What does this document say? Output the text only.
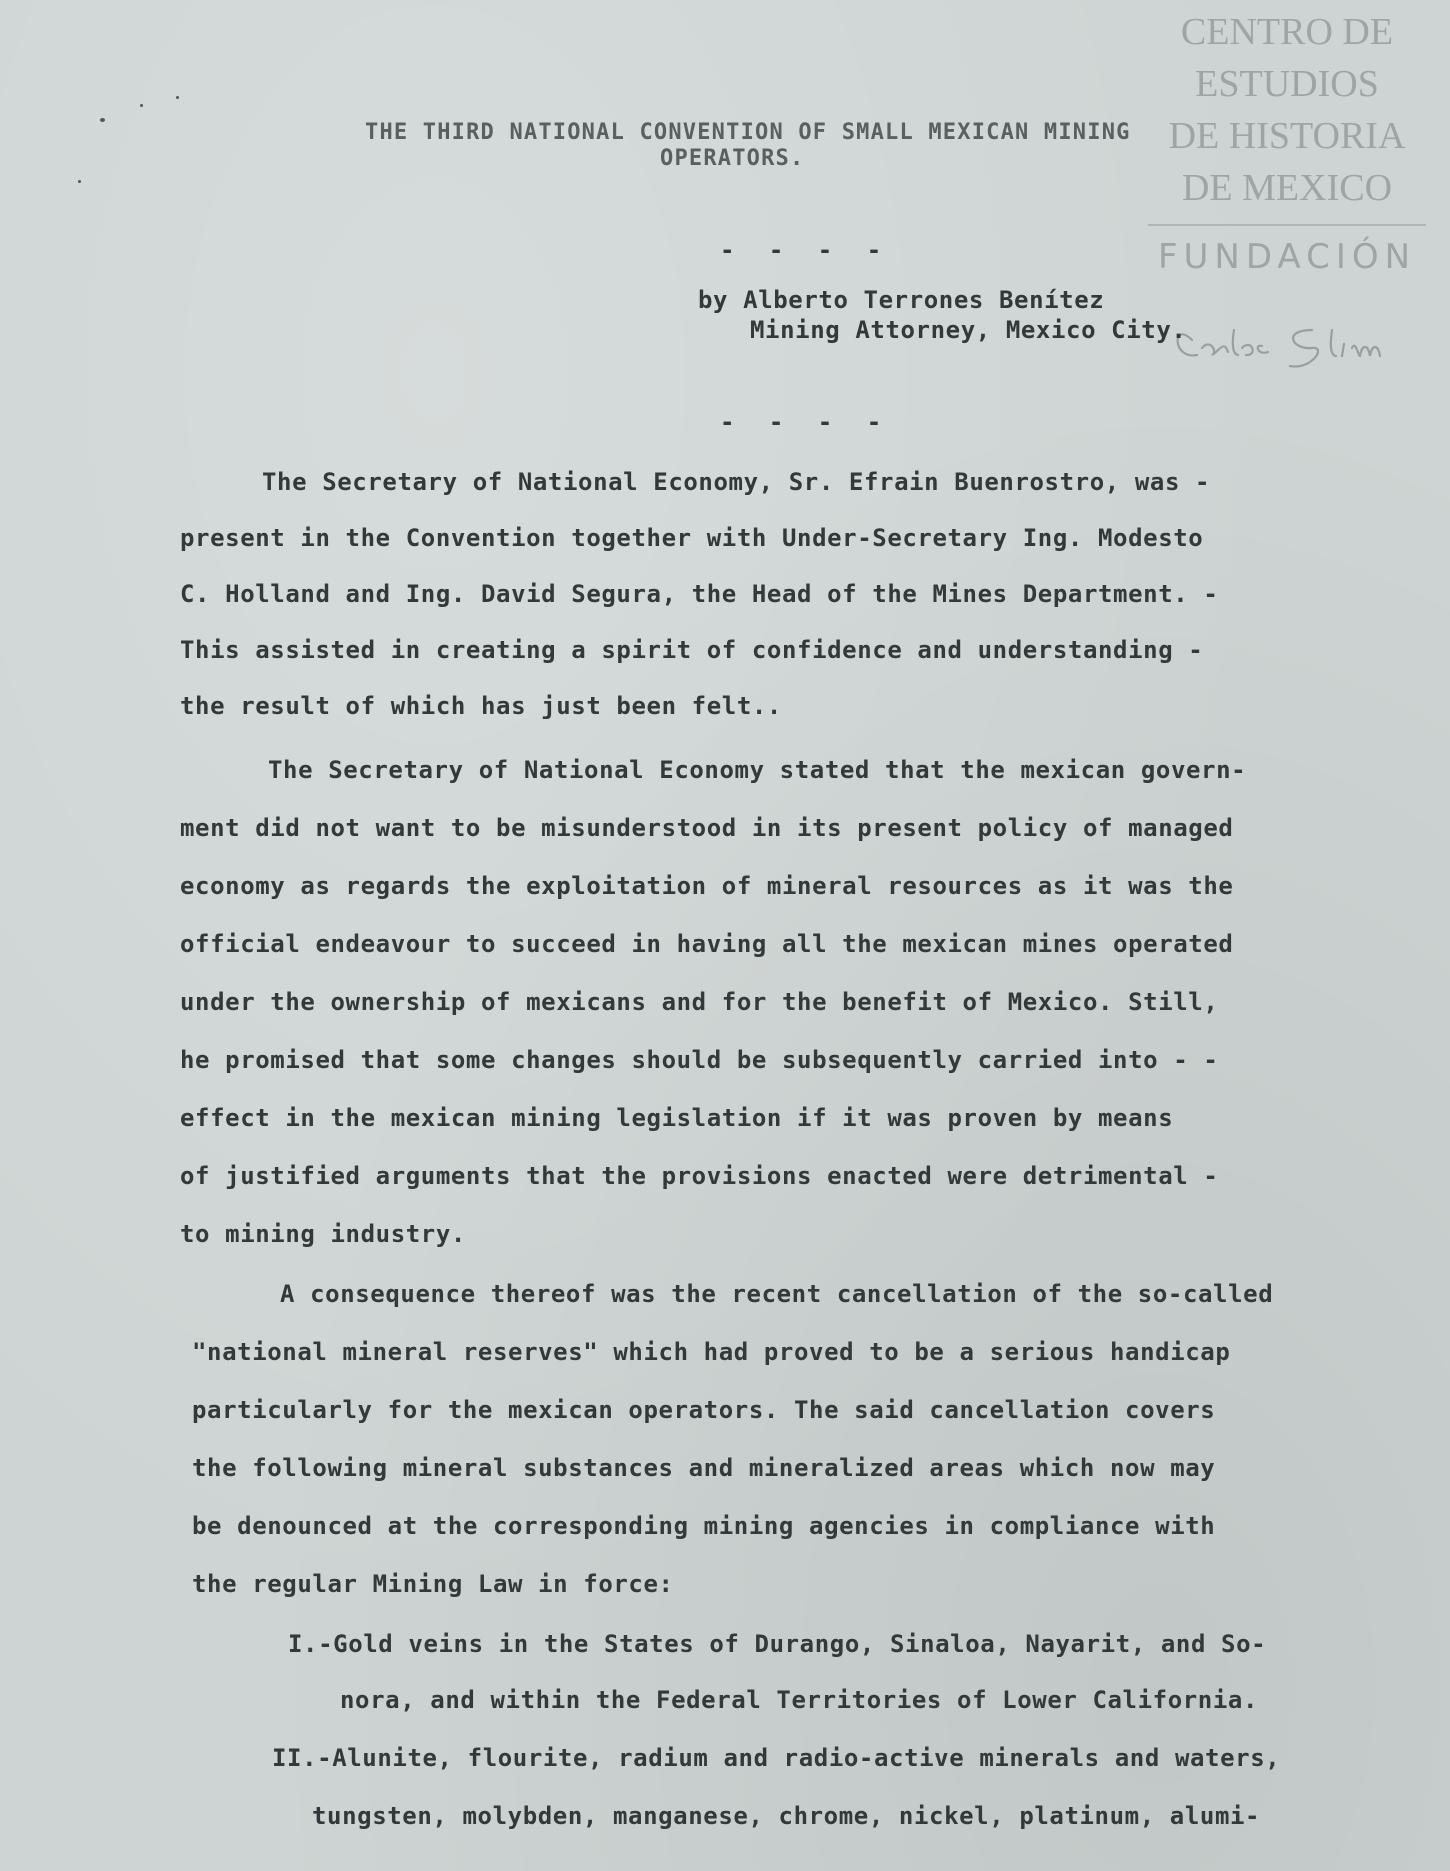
CENTRO DE
ESTUDIOS
DE HISTORIA
DE MEXICO
FUNDACIÓN
THE THIRD NATIONAL CONVENTION OF SMALL MEXICAN MINING
OPERATORS.
- - - -
by Alberto Terrones Benítez
Mining Attorney, Mexico City.
- - - -
The Secretary of National Economy, Sr. Efrain Buenrostro, was -
present in the Convention together with Under-Secretary Ing. Modesto
C. Holland and Ing. David Segura, the Head of the Mines Department. -
This assisted in creating a spirit of confidence and understanding -
the result of which has just been felt..
The Secretary of National Economy stated that the mexican govern-
ment did not want to be misunderstood in its present policy of managed
economy as regards the exploitation of mineral resources as it was the
official endeavour to succeed in having all the mexican mines operated
under the ownership of mexicans and for the benefit of Mexico. Still,
he promised that some changes should be subsequently carried into - -
effect in the mexican mining legislation if it was proven by means
of justified arguments that the provisions enacted were detrimental -
to mining industry.
A consequence thereof was the recent cancellation of the so-called
"national mineral reserves" which had proved to be a serious handicap
particularly for the mexican operators. The said cancellation covers
the following mineral substances and mineralized areas which now may
be denounced at the corresponding mining agencies in compliance with
the regular Mining Law in force:
I.-Gold veins in the States of Durango, Sinaloa, Nayarit, and So-
nora, and within the Federal Territories of Lower California.
II.-Alunite, flourite, radium and radio-active minerals and waters,
tungsten, molybden, manganese, chrome, nickel, platinum, alumi-
